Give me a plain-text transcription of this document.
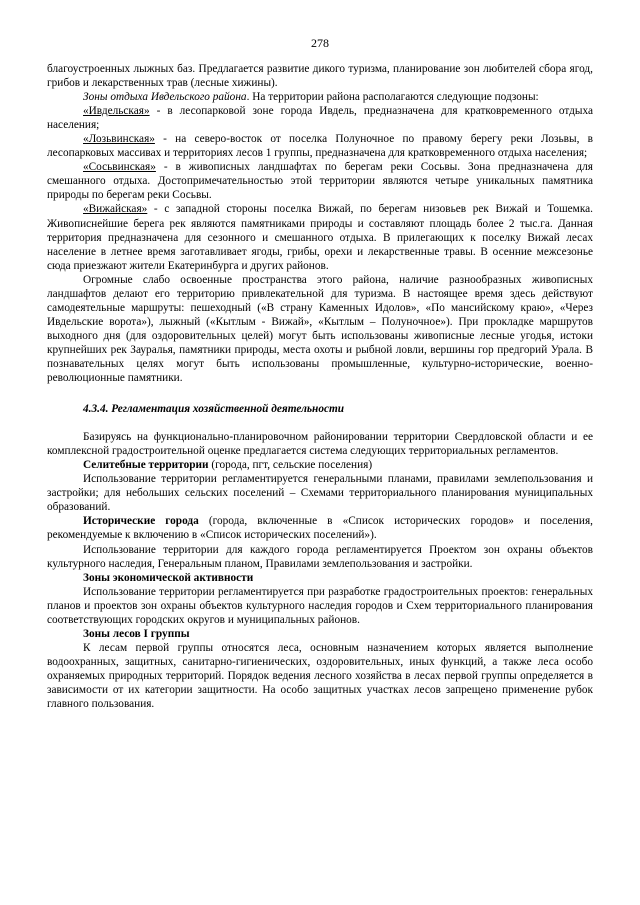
278

благоустроенных лыжных баз. Предлагается развитие дикого туризма, планирование зон любителей сбора ягод, грибов и лекарственных трав (лесные хижины).

Зоны отдыха Ивдельского района. На территории района располагаются следующие подзоны:

«Ивдельская» - в лесопарковой зоне города Ивдель, предназначена для кратковременного отдыха населения;

«Лозьвинская» - на северо-восток от поселка Полуночное по правому берегу реки Лозьвы, в лесопарковых массивах и территориях лесов 1 группы, предназначена для кратковременного отдыха населения;

«Сосьвинская» - в живописных ландшафтах по берегам реки Сосьвы. Зона предназначена для смешанного отдыха. Достопримечательностью этой территории являются четыре уникальных памятника природы по берегам реки Сосьвы.

«Вижайская» - с западной стороны поселка Вижай, по берегам низовьев рек Вижай и Тошемка. Живописнейшие берега рек являются памятниками природы и составляют площадь более 2 тыс.га. Данная территория предназначена для сезонного и смешанного отдыха. В прилегающих к поселку Вижай лесах население в летнее время заготавливает ягоды, грибы, орехи и лекарственные травы. В осенние межсезонье сюда приезжают жители Екатеринбурга и других районов.

Огромные слабо освоенные пространства этого района, наличие разнообразных живописных ландшафтов делают его территорию привлекательной для туризма. В настоящее время здесь действуют самодеятельные маршруты: пешеходный («В страну Каменных Идолов», «По мансийскому краю», «Через Ивдельские ворота»), лыжный («Кытлым - Вижай», «Кытлым – Полуночное»). При прокладке маршрутов выходного дня (для оздоровительных целей) могут быть использованы живописные лесные угодья, истоки крупнейших рек Зауралья, памятники природы, места охоты и рыбной ловли, вершины гор предгорий Урала. В познавательных целях могут быть использованы промышленные, культурно-исторические, военно-революционные памятники.

4.3.4. Регламентация хозяйственной деятельности

Базируясь на функционально-планировочном районировании территории Свердловской области и ее комплексной градостроительной оценке предлагается система следующих территориальных регламентов.

Селитебные территории (города, пгт, сельские поселения)

Использование территории регламентируется генеральными планами, правилами землепользования и застройки; для небольших сельских поселений – Схемами территориального планирования муниципальных образований.

Исторические города (города, включенные в «Список исторических городов» и поселения, рекомендуемые к включению в «Список исторических поселений»).

Использование территории для каждого города регламентируется Проектом зон охраны объектов культурного наследия, Генеральным планом, Правилами землепользования и застройки.

Зоны экономической активности

Использование территории регламентируется при разработке градостроительных проектов: генеральных планов и проектов зон охраны объектов культурного наследия городов и Схем территориального планирования соответствующих городских округов и муниципальных районов.

Зоны лесов I группы

К лесам первой группы относятся леса, основным назначением которых является выполнение водоохранных, защитных, санитарно-гигиенических, оздоровительных, иных функций, а также леса особо охраняемых природных территорий. Порядок ведения лесного хозяйства в лесах первой группы определяется в зависимости от их категории защитности. На особо защитных участках лесов запрещено применение рубок главного пользования.
